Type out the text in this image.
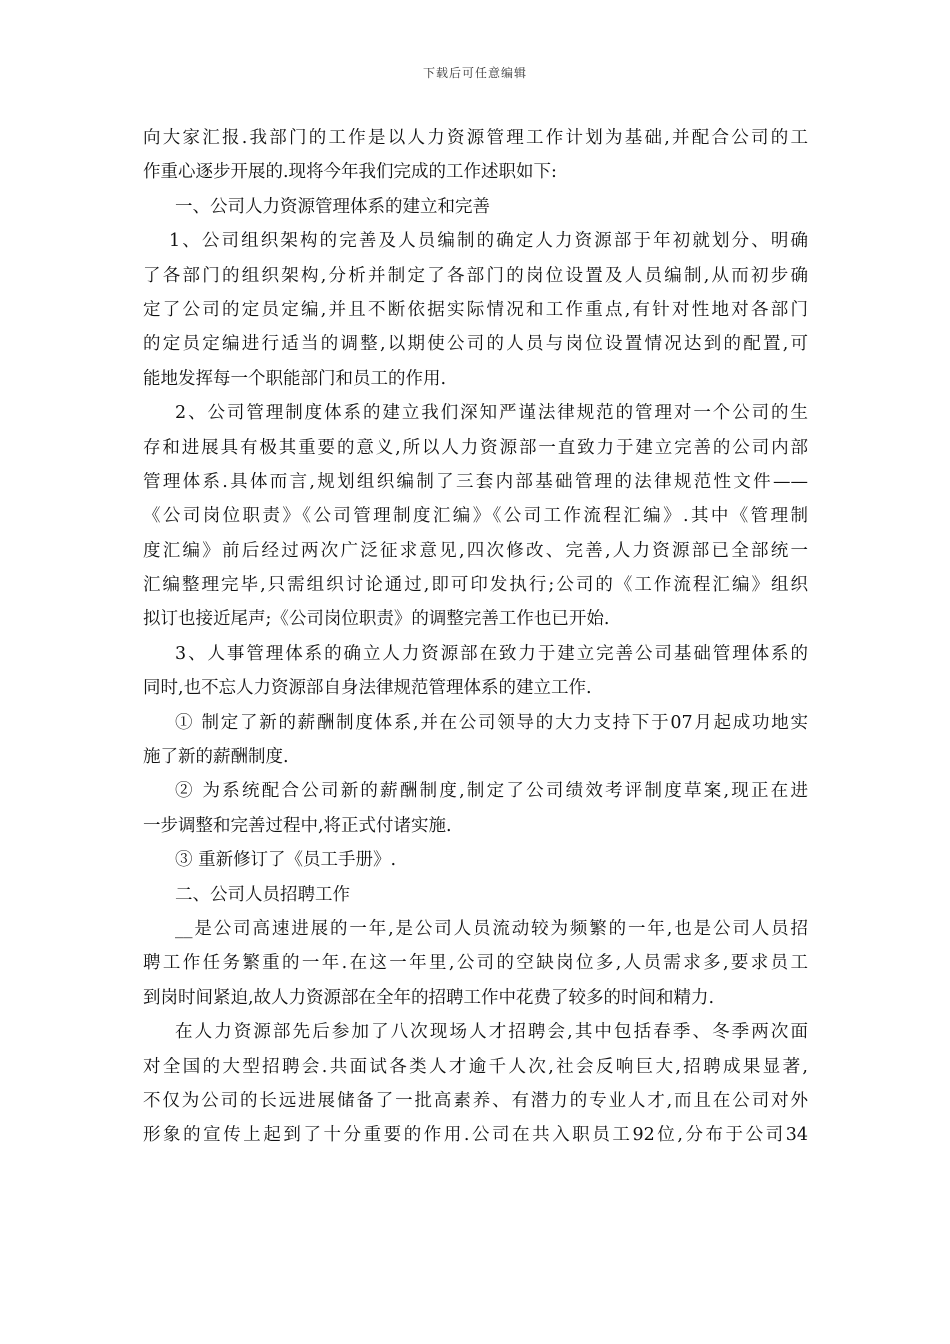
下载后可任意编辑
向大家汇报.我部门的工作是以人力资源管理工作计划为基础,并配合公司的工
作重心逐步开展的.现将今年我们完成的工作述职如下:
一、公司人力资源管理体系的建立和完善
1、公司组织架构的完善及人员编制的确定人力资源部于年初就划分、明确
了各部门的组织架构,分析并制定了各部门的岗位设置及人员编制,从而初步确
定了公司的定员定编,并且不断依据实际情况和工作重点,有针对性地对各部门
的定员定编进行适当的调整,以期使公司的人员与岗位设置情况达到的配置,可
能地发挥每一个职能部门和员工的作用.
2、公司管理制度体系的建立我们深知严谨法律规范的管理对一个公司的生
存和进展具有极其重要的意义,所以人力资源部一直致力于建立完善的公司内部
管理体系.具体而言,规划组织编制了三套内部基础管理的法律规范性文件——
《公司岗位职责》《公司管理制度汇编》《公司工作流程汇编》.其中《管理制
度汇编》前后经过两次广泛征求意见,四次修改、完善,人力资源部已全部统一
汇编整理完毕,只需组织讨论通过,即可印发执行;公司的《工作流程汇编》组织
拟订也接近尾声;《公司岗位职责》的调整完善工作也已开始.
3、人事管理体系的确立人力资源部在致力于建立完善公司基础管理体系的
同时,也不忘人力资源部自身法律规范管理体系的建立工作.
① 制定了新的薪酬制度体系,并在公司领导的大力支持下于07月起成功地实
施了新的薪酬制度.
② 为系统配合公司新的薪酬制度,制定了公司绩效考评制度草案,现正在进
一步调整和完善过程中,将正式付诸实施.
③ 重新修订了《员工手册》.
二、公司人员招聘工作
__是公司高速进展的一年,是公司人员流动较为频繁的一年,也是公司人员招
聘工作任务繁重的一年.在这一年里,公司的空缺岗位多,人员需求多,要求员工
到岗时间紧迫,故人力资源部在全年的招聘工作中花费了较多的时间和精力.
在人力资源部先后参加了八次现场人才招聘会,其中包括春季、冬季两次面
对全国的大型招聘会.共面试各类人才逾千人次,社会反响巨大,招聘成果显著,
不仅为公司的长远进展储备了一批高素养、有潜力的专业人才,而且在公司对外
形象的宣传上起到了十分重要的作用.公司在共入职员工92位,分布于公司34
